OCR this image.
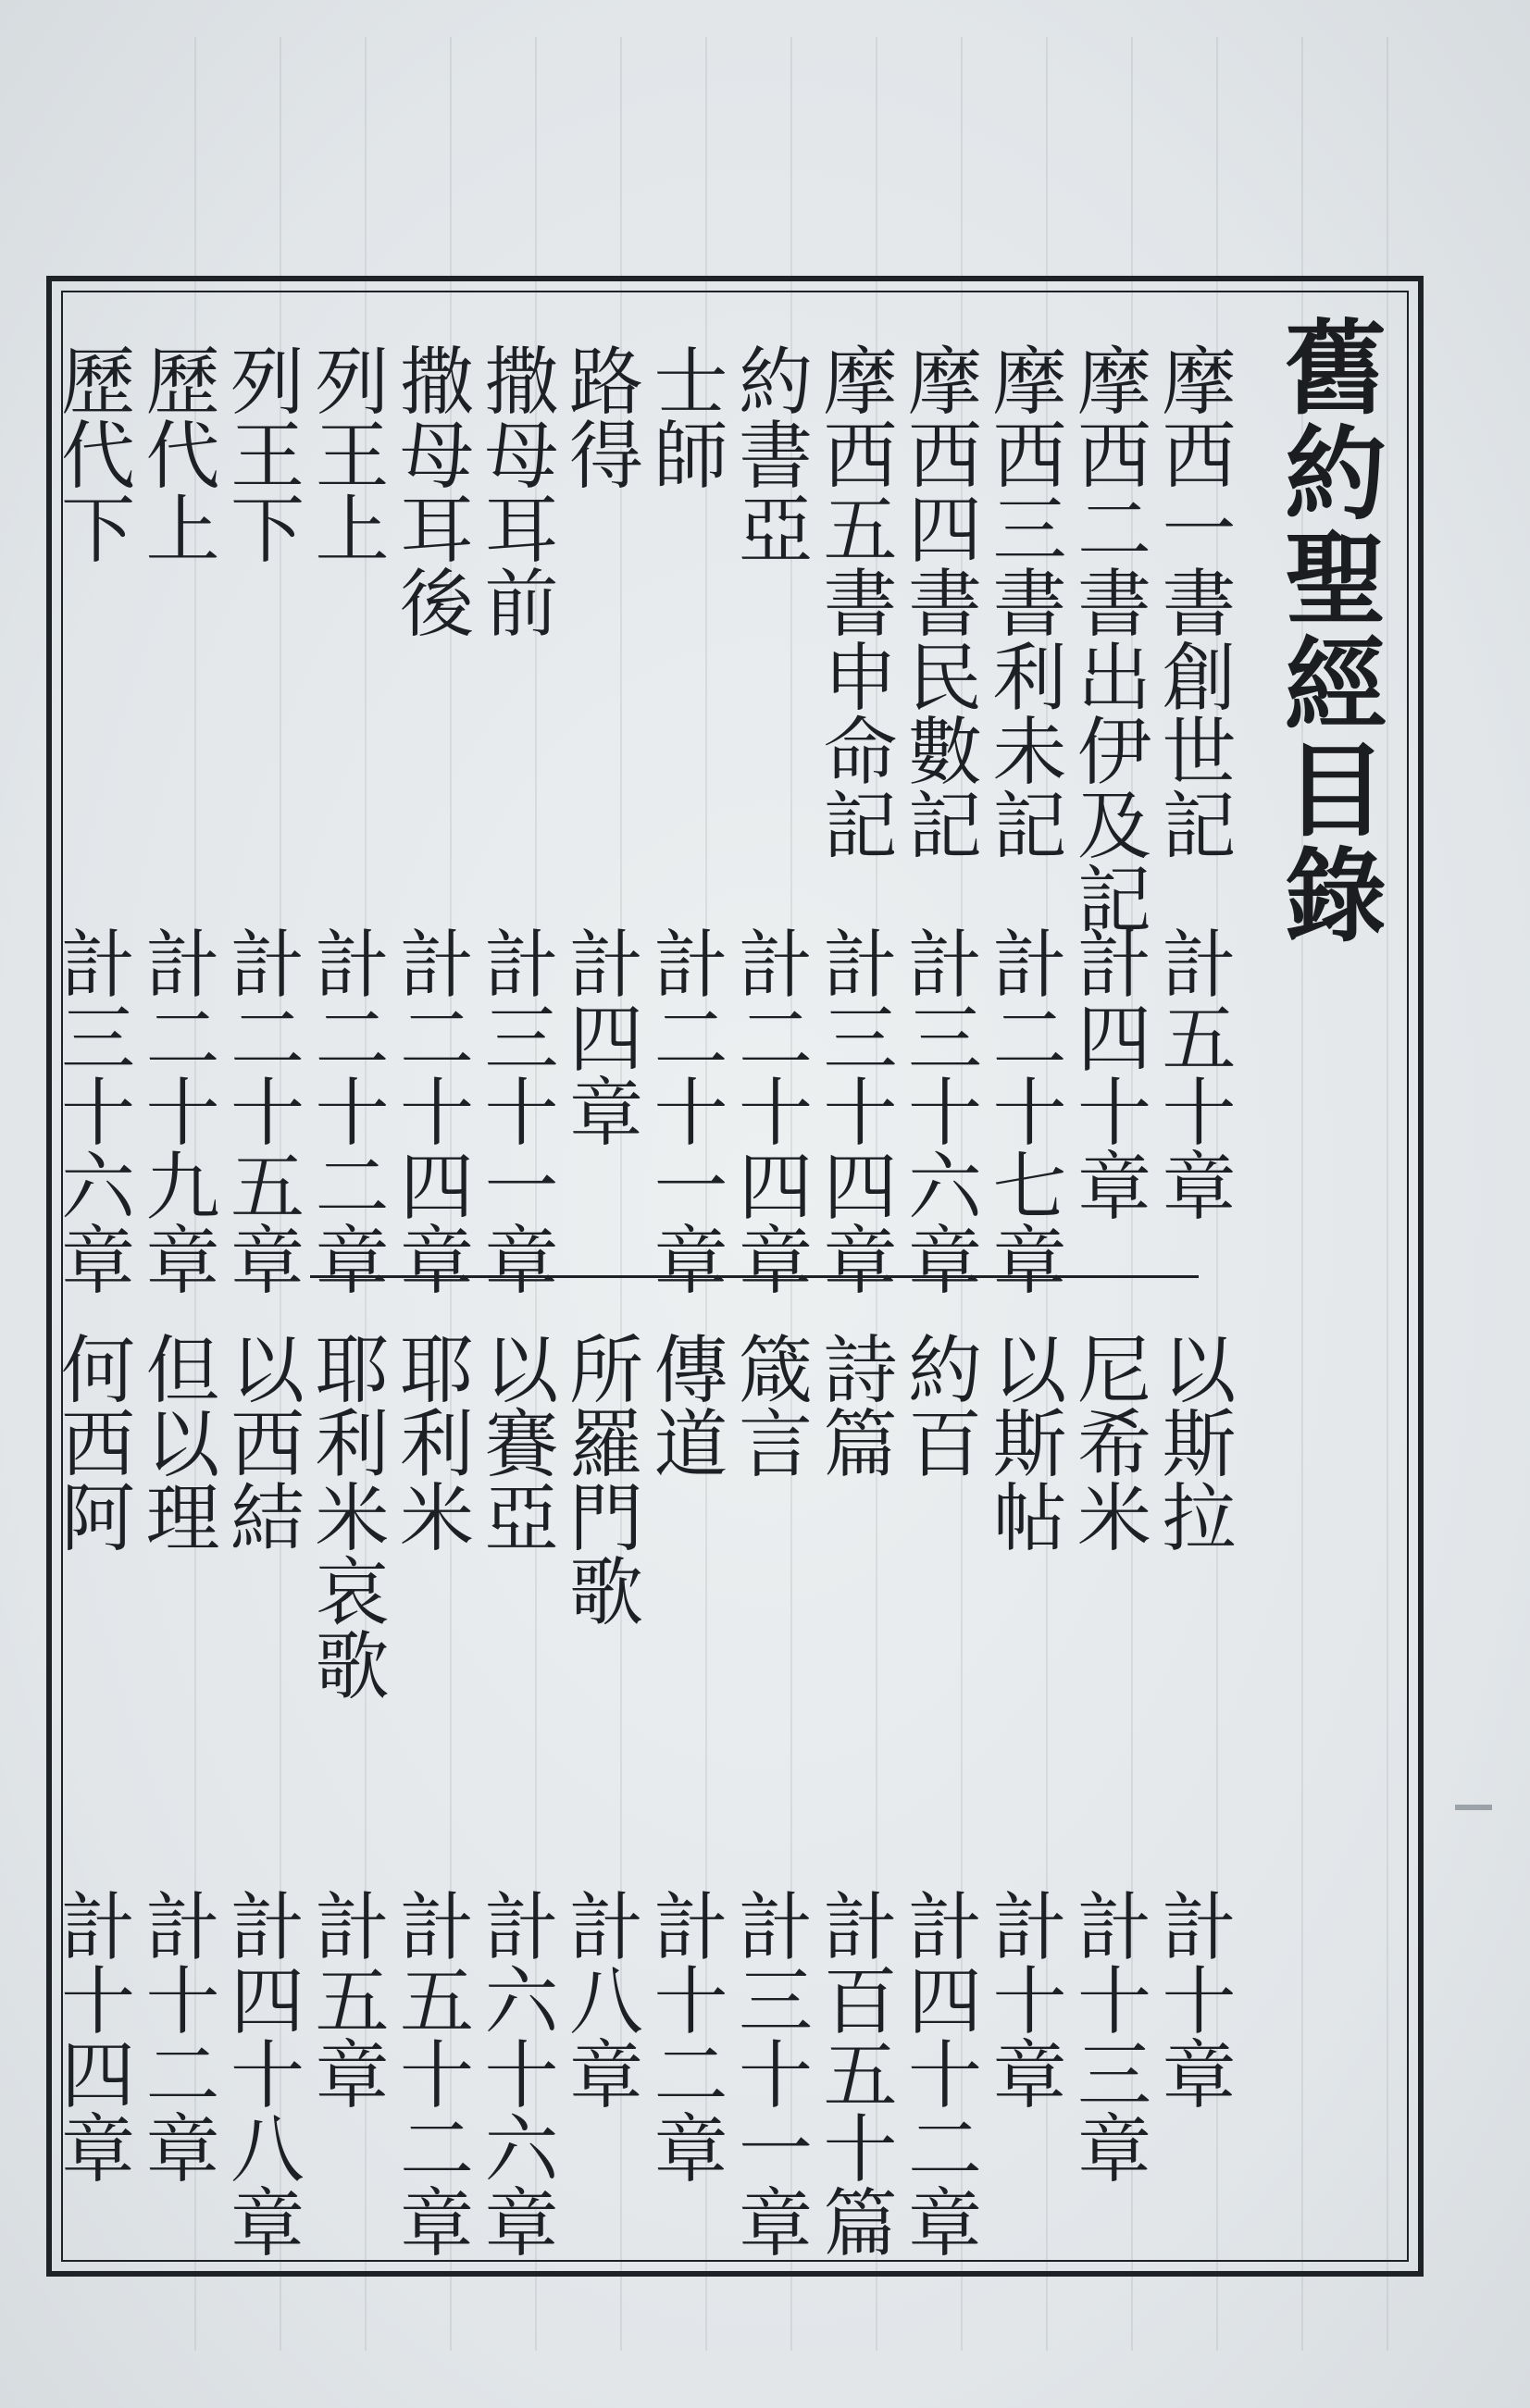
舊約聖經目錄
摩西一書創世記
計五十章
以斯拉
計十章
摩西二書出伊及記
計四十章
尼希米
計十三章
摩西三書利未記
計二十七章
以斯帖
計十章
摩西四書民數記
計三十六章
約百
計四十二章
摩西五書申命記
計三十四章
詩篇
計百五十篇
約書亞
計二十四章
箴言
計三十一章
士師
計二十一章
傳道
計十二章
路得
計四章
所羅門歌
計八章
撒母耳前
計三十一章
以賽亞
計六十六章
撒母耳後
計二十四章
耶利米
計五十二章
列王上
計二十二章
耶利米哀歌
計五章
列王下
計二十五章
以西結
計四十八章
歷代上
計二十九章
但以理
計十二章
歷代下
計三十六章
何西阿
計十四章
